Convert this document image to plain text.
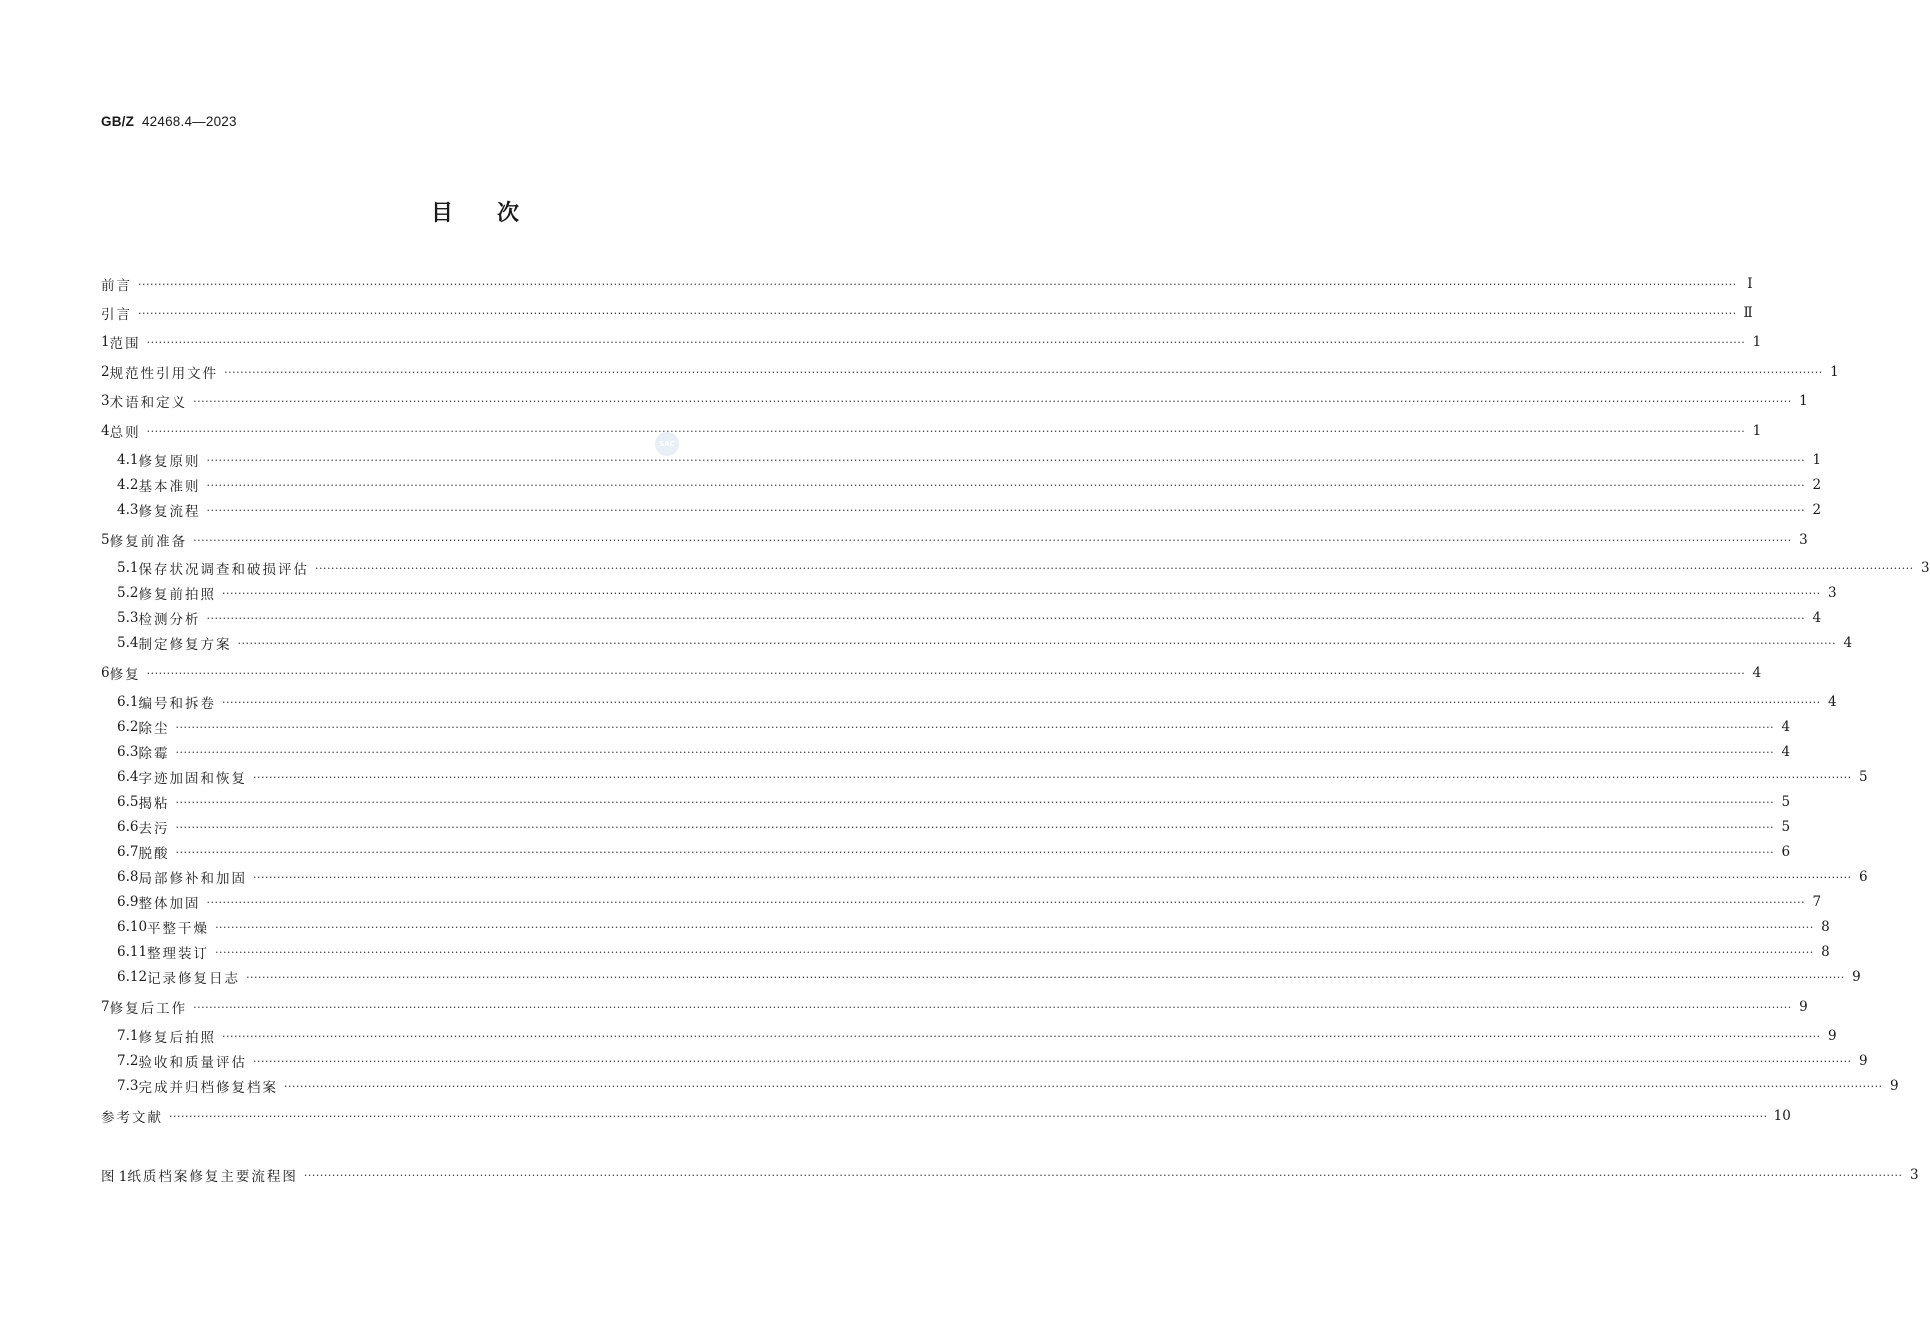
GB/Z 42468.4—2023
目 次
SAC
前言 ················································································································································································································································································································································································································ Ⅰ
引言 ················································································································································································································································································································································································································ Ⅱ
1 范围 ················································································································································································································································································································································································································ 1
2 规范性引用文件 ················································································································································································································································································································································································································ 1
3 术语和定义 ················································································································································································································································································································································································································ 1
4 总则 ················································································································································································································································································································································································································ 1
4.1 修复原则 ················································································································································································································································································································································································································ 1
4.2 基本准则 ················································································································································································································································································································································································································ 2
4.3 修复流程 ················································································································································································································································································································································································································ 2
5 修复前准备 ················································································································································································································································································································································································································ 3
5.1 保存状况调查和破损评估 ················································································································································································································································································································································································································ 3
5.2 修复前拍照 ················································································································································································································································································································································································································ 3
5.3 检测分析 ················································································································································································································································································································································································································ 4
5.4 制定修复方案 ················································································································································································································································································································································································································ 4
6 修复 ················································································································································································································································································································································································································ 4
6.1 编号和拆卷 ················································································································································································································································································································································································································ 4
6.2 除尘 ················································································································································································································································································································································································································ 4
6.3 除霉 ················································································································································································································································································································································································································ 4
6.4 字迹加固和恢复 ················································································································································································································································································································································································································ 5
6.5 揭粘 ················································································································································································································································································································································································································ 5
6.6 去污 ················································································································································································································································································································································································································ 5
6.7 脱酸 ················································································································································································································································································································································································································ 6
6.8 局部修补和加固 ················································································································································································································································································································································································································ 6
6.9 整体加固 ················································································································································································································································································································································································································ 7
6.10 平整干燥 ················································································································································································································································································································································································································ 8
6.11 整理装订 ················································································································································································································································································································································································································ 8
6.12 记录修复日志 ················································································································································································································································································································································································································ 9
7 修复后工作 ················································································································································································································································································································································································································ 9
7.1 修复后拍照 ················································································································································································································································································································································································································ 9
7.2 验收和质量评估 ················································································································································································································································································································································································································ 9
7.3 完成并归档修复档案 ················································································································································································································································································································································································································ 9
参考文献 ················································································································································································································································································································································································································ 10
图 1 纸质档案修复主要流程图 ················································································································································································································································································································································································································ 3
